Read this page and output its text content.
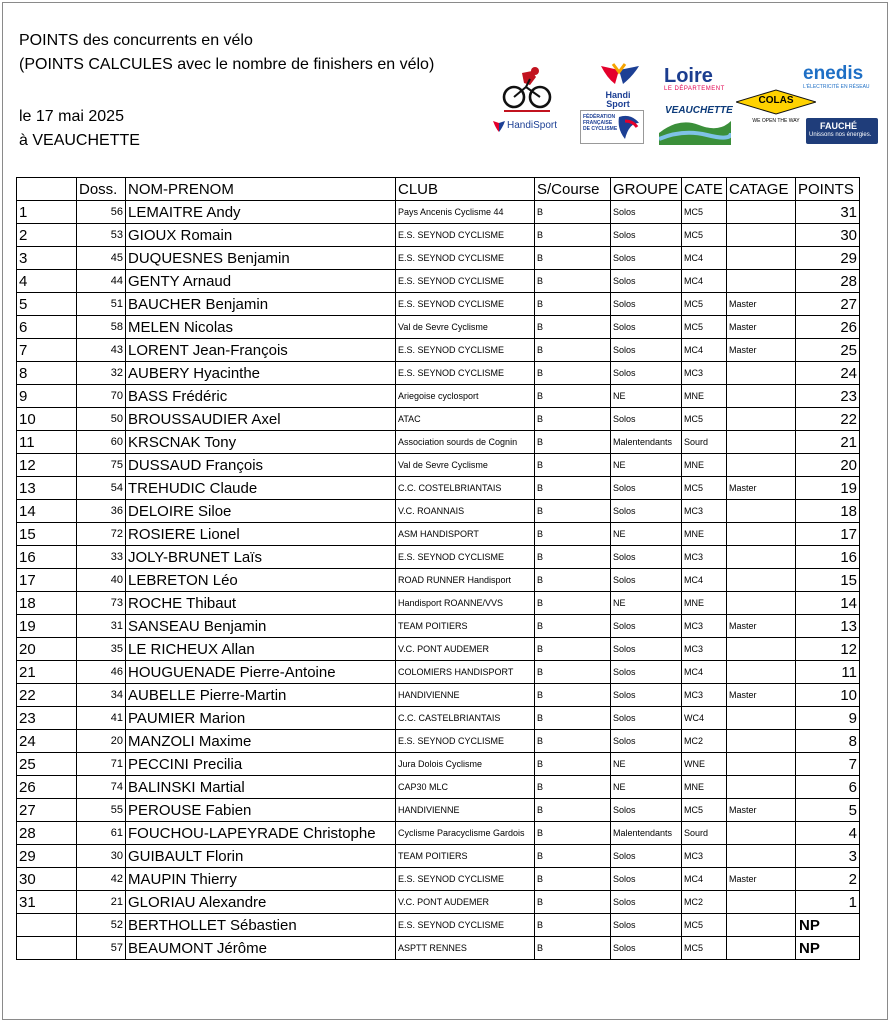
POINTS des concurrents en vélo
(POINTS CALCULES avec le nombre de finishers en vélo)
le 17 mai 2025
à VEAUCHETTE
Handi
Sport
Loire
LE DÉPARTEMENT
enedis
L'ÉLECTRICITÉ EN RÉSEAU
COLAS
WE OPEN THE WAY
HandiSport
FÉDÉRATION
FRANÇAISE
DE CYCLISME
VEAUCHETTE
FAUCHÉ
Unissons nos énergies.
	Doss.	NOM-PRENOM	CLUB	S/Course	GROUPE	CATE	CATAGE	POINTS
1	56	LEMAITRE Andy	Pays Ancenis Cyclisme 44	B	Solos	MC5		31
2	53	GIOUX Romain	E.S. SEYNOD CYCLISME	B	Solos	MC5		30
3	45	DUQUESNES Benjamin	E.S. SEYNOD CYCLISME	B	Solos	MC4		29
4	44	GENTY Arnaud	E.S. SEYNOD CYCLISME	B	Solos	MC4		28
5	51	BAUCHER Benjamin	E.S. SEYNOD CYCLISME	B	Solos	MC5	Master	27
6	58	MELEN Nicolas	Val de Sevre Cyclisme	B	Solos	MC5	Master	26
7	43	LORENT Jean-François	E.S. SEYNOD CYCLISME	B	Solos	MC4	Master	25
8	32	AUBERY Hyacinthe	E.S. SEYNOD CYCLISME	B	Solos	MC3		24
9	70	BASS Frédéric	Ariegoise cyclosport	B	NE	MNE		23
10	50	BROUSSAUDIER Axel	ATAC	B	Solos	MC5		22
11	60	KRSCNAK Tony	Association sourds de Cognin	B	Malentendants	Sourd		21
12	75	DUSSAUD François	Val de Sevre Cyclisme	B	NE	MNE		20
13	54	TREHUDIC Claude	C.C. COSTELBRIANTAIS	B	Solos	MC5	Master	19
14	36	DELOIRE Siloe	V.C. ROANNAIS	B	Solos	MC3		18
15	72	ROSIERE Lionel	ASM HANDISPORT	B	NE	MNE		17
16	33	JOLY-BRUNET Laïs	E.S. SEYNOD CYCLISME	B	Solos	MC3		16
17	40	LEBRETON Léo	ROAD RUNNER Handisport	B	Solos	MC4		15
18	73	ROCHE Thibaut	Handisport ROANNE/VVS	B	NE	MNE		14
19	31	SANSEAU Benjamin	TEAM POITIERS	B	Solos	MC3	Master	13
20	35	LE RICHEUX Allan	V.C. PONT AUDEMER	B	Solos	MC3		12
21	46	HOUGUENADE Pierre-Antoine	COLOMIERS HANDISPORT	B	Solos	MC4		11
22	34	AUBELLE Pierre-Martin	HANDIVIENNE	B	Solos	MC3	Master	10
23	41	PAUMIER Marion	C.C. CASTELBRIANTAIS	B	Solos	WC4		9
24	20	MANZOLI Maxime	E.S. SEYNOD CYCLISME	B	Solos	MC2		8
25	71	PECCINI Precilia	Jura Dolois Cyclisme	B	NE	WNE		7
26	74	BALINSKI Martial	CAP30 MLC	B	NE	MNE		6
27	55	PEROUSE Fabien	HANDIVIENNE	B	Solos	MC5	Master	5
28	61	FOUCHOU-LAPEYRADE Christophe	Cyclisme Paracyclisme Gardois	B	Malentendants	Sourd		4
29	30	GUIBAULT Florin	TEAM POITIERS	B	Solos	MC3		3
30	42	MAUPIN Thierry	E.S. SEYNOD CYCLISME	B	Solos	MC4	Master	2
31	21	GLORIAU Alexandre	V.C. PONT AUDEMER	B	Solos	MC2		1
	52	BERTHOLLET Sébastien	E.S. SEYNOD CYCLISME	B	Solos	MC5		NP
	57	BEAUMONT Jérôme	ASPTT RENNES	B	Solos	MC5		NP
